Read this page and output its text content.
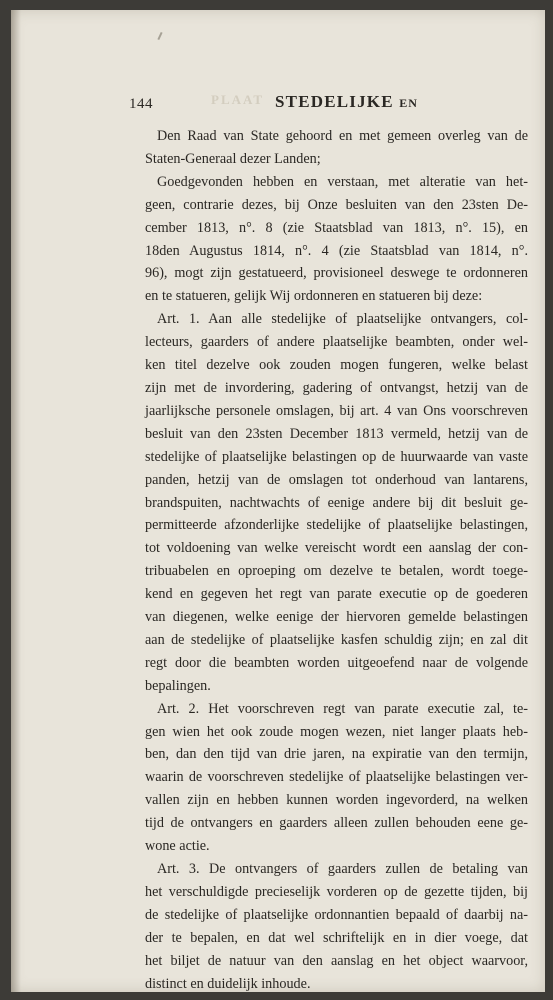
PLAAT
144	STEDELIJKE EN
Den Raad van State gehoord en met gemeen overleg van de
Staten-Generaal dezer Landen;
Goedgevonden hebben en verstaan, met alteratie van het-
geen, contrarie dezes, bij Onze besluiten van den 23sten De-
cember 1813, n°. 8 (zie Staatsblad van 1813, n°. 15), en
18den Augustus 1814, n°. 4 (zie Staatsblad van 1814, n°.
96), mogt zijn gestatueerd, provisioneel deswege te ordonneren
en te statueren, gelijk Wij ordonneren en statueren bij deze:
Art. 1. Aan alle stedelijke of plaatselijke ontvangers, col-
lecteurs, gaarders of andere plaatselijke beambten, onder wel-
ken titel dezelve ook zouden mogen fungeren, welke belast
zijn met de invordering, gadering of ontvangst, hetzij van de
jaarlijksche personele omslagen, bij art. 4 van Ons voorschreven
besluit van den 23sten December 1813 vermeld, hetzij van de
stedelijke of plaatselijke belastingen op de huurwaarde van vaste
panden, hetzij van de omslagen tot onderhoud van lantarens,
brandspuiten, nachtwachts of eenige andere bij dit besluit ge-
permitteerde afzonderlijke stedelijke of plaatselijke belastingen,
tot voldoening van welke vereischt wordt een aanslag der con-
tribuabelen en oproeping om dezelve te betalen, wordt toege-
kend en gegeven het regt van parate executie op de goederen
van diegenen, welke eenige der hiervoren gemelde belastingen
aan de stedelijke of plaatselijke kasfen schuldig zijn; en zal dit
regt door die beambten worden uitgeoefend naar de volgende
bepalingen.
Art. 2. Het voorschreven regt van parate executie zal, te-
gen wien het ook zoude mogen wezen, niet langer plaats heb-
ben, dan den tijd van drie jaren, na expiratie van den termijn,
waarin de voorschreven stedelijke of plaatselijke belastingen ver-
vallen zijn en hebben kunnen worden ingevorderd, na welken
tijd de ontvangers en gaarders alleen zullen behouden eene ge-
wone actie.
Art. 3. De ontvangers of gaarders zullen de betaling van
het verschuldigde precieselijk vorderen op de gezette tijden, bij
de stedelijke of plaatselijke ordonnantien bepaald of daarbij na-
der te bepalen, en dat wel schriftelijk en in dier voege, dat
het biljet de natuur van den aanslag en het object waarvoor,
distinct en duidelijk inhoude.
